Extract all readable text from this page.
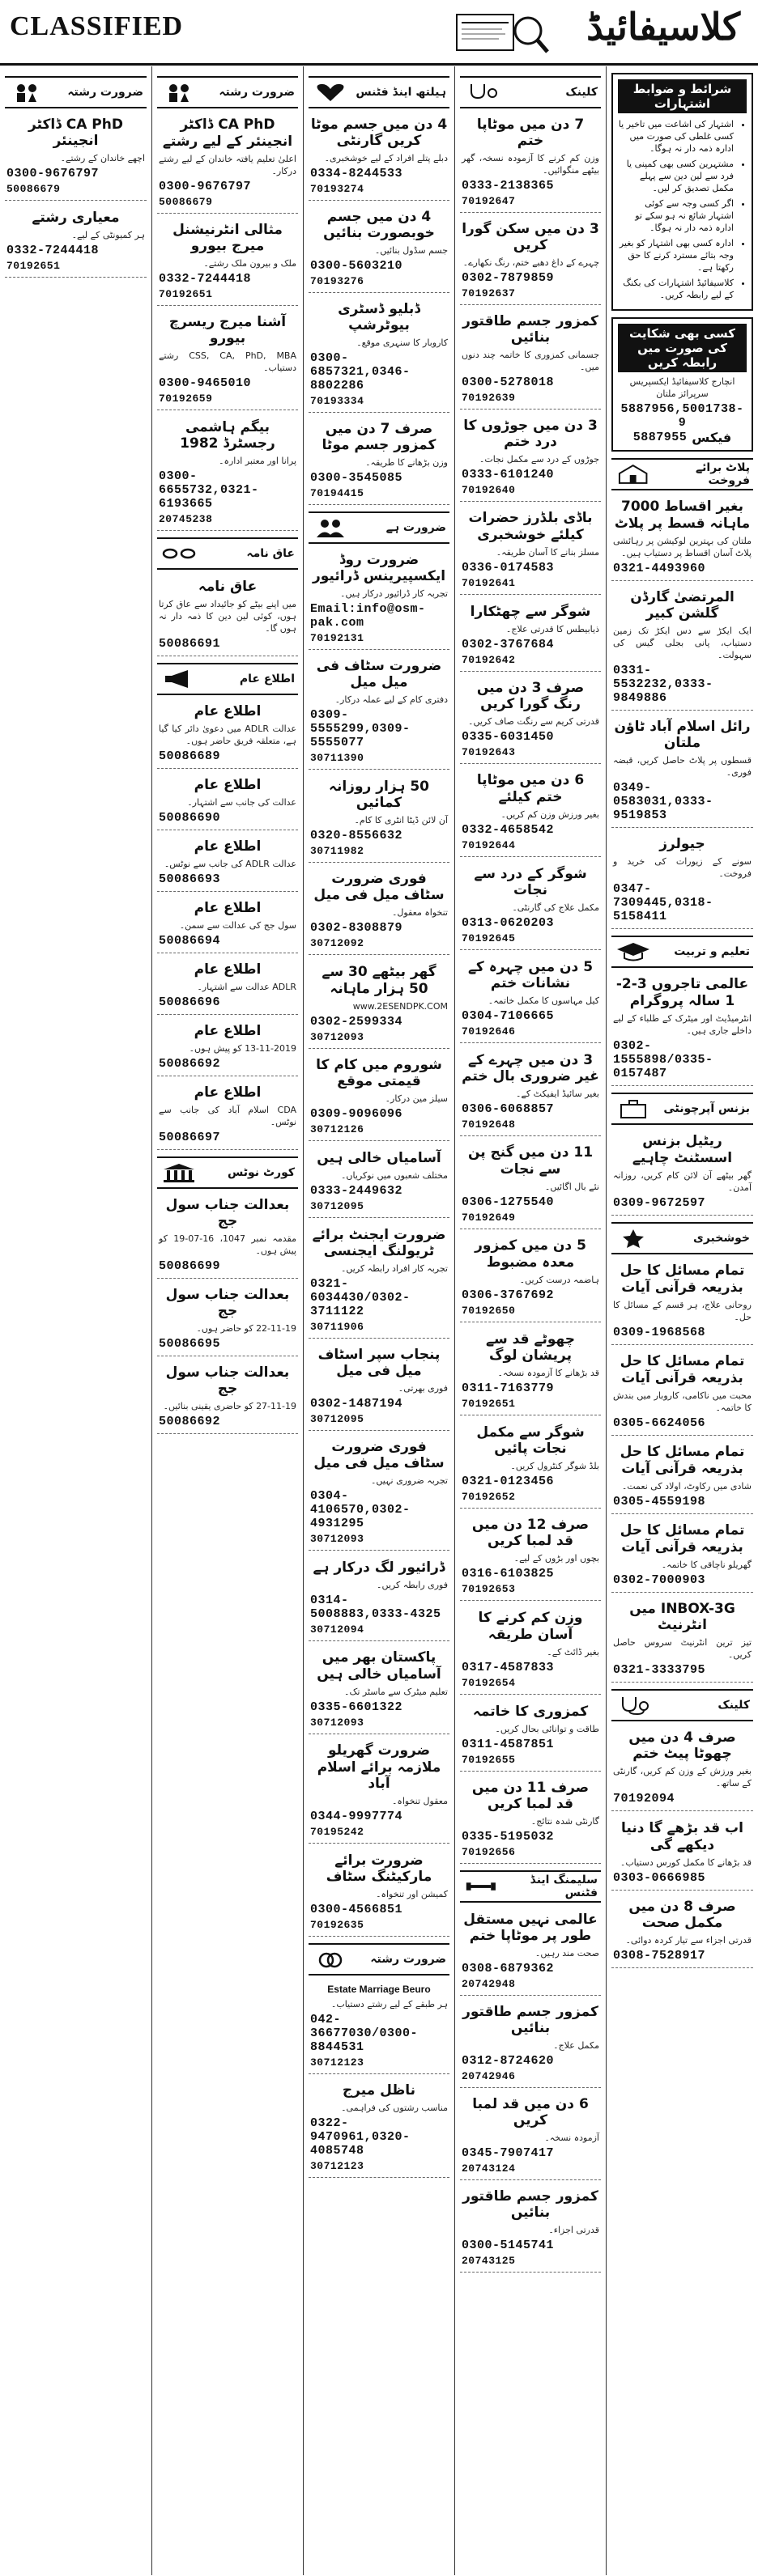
CLASSIFIED	کلاسیفائیڈ
شرائط و ضوابط اشتہارات
• اشتہار کی اشاعت میں تاخیر یا کسی غلطی کی صورت میں ادارہ ذمہ دار نہ ہوگا۔
• مشتہرین کسی بھی کمپنی یا فرد سے لین دین سے پہلے مکمل تصدیق کر لیں۔
• اگر کسی وجہ سے کوئی اشتہار شائع نہ ہو سکے تو ادارہ ذمہ دار نہ ہوگا۔
• ادارہ کسی بھی اشتہار کو بغیر وجہ بتائے مسترد کرنے کا حق رکھتا ہے۔
• کلاسیفائیڈ اشتہارات کی بکنگ کے لیے رابطہ کریں۔
کسی بھی شکایت کی صورت میں رابطہ کریں
انچارج کلاسیفائیڈ ایکسپریس سرپرائز ملتان
5887956,5001738-9
فیکس
5887955
پلاٹ برائے فروخت
بغیر اقساط 7000 ماہانہ قسط پر پلاٹ
ملتان کی بہترین لوکیشن پر رہائشی پلاٹ آسان اقساط پر دستیاب ہیں۔
0321-4493960
المرتضیٰ گارڈن گلشن کبیر
ایک ایکڑ سے دس ایکڑ تک زمین دستیاب، پانی بجلی گیس کی سہولت۔
0331-5532232,0333-9849886
رائل اسلام آباد ٹاؤن ملتان
قسطوں پر پلاٹ حاصل کریں، قبضہ فوری۔
0349-0583031,0333-9519853
جیولرز
سونے کے زیورات کی خرید و فروخت۔
0347-7309445,0318-5158411
تعلیم و تربیت
عالمی تاجروں 3-2-1 سالہ پروگرام
انٹرمیڈیٹ اور میٹرک کے طلباء کے لیے داخلے جاری ہیں۔
0302-1555898/0335-0157487
بزنس آپرچونٹی
ریٹیل بزنس اسسٹنٹ چاہیے
گھر بیٹھے آن لائن کام کریں، روزانہ آمدن۔
0309-9672597
خوشخبری
تمام مسائل کا حل بذریعہ قرآنی آیات
روحانی علاج، ہر قسم کے مسائل کا حل۔
0309-1968568
تمام مسائل کا حل بذریعہ قرآنی آیات
محبت میں ناکامی، کاروبار میں بندش کا خاتمہ۔
0305-6624056
تمام مسائل کا حل بذریعہ قرآنی آیات
شادی میں رکاوٹ، اولاد کی نعمت۔
0305-4559198
تمام مسائل کا حل بذریعہ قرآنی آیات
گھریلو ناچاقی کا خاتمہ۔
0302-7000903
INBOX-3G میں انٹرنیٹ
تیز ترین انٹرنیٹ سروس حاصل کریں۔
0321-3333795
کلینک
صرف 4 دن میں چھوٹا پیٹ ختم
بغیر ورزش کے وزن کم کریں، گارنٹی کے ساتھ۔
70192094
اب قد بڑھے گا دنیا دیکھے گی
قد بڑھانے کا مکمل کورس دستیاب۔
0303-0666985
صرف 8 دن میں مکمل صحت
قدرتی اجزاء سے تیار کردہ دوائی۔
0308-7528917
کلینک
7 دن میں موٹاپا ختم
وزن کم کرنے کا آزمودہ نسخہ، گھر بیٹھے منگوائیں۔
0333-2138365
70192647
3 دن میں سکن گورا کریں
چہرے کے داغ دھبے ختم، رنگ نکھارے۔
0302-7879859
70192637
کمزور جسم طاقتور بنائیں
جسمانی کمزوری کا خاتمہ چند دنوں میں۔
0300-5278018
70192639
3 دن میں جوڑوں کا درد ختم
جوڑوں کے درد سے مکمل نجات۔
0333-6101240
70192640
باڈی بلڈرز حضرات کیلئے خوشخبری
مسلز بنانے کا آسان طریقہ۔
0336-0174583
70192641
شوگر سے چھٹکارا
ذیابیطس کا قدرتی علاج۔
0302-3767684
70192642
صرف 3 دن میں رنگ گورا کریں
قدرتی کریم سے رنگت صاف کریں۔
0335-6031450
70192643
6 دن میں موٹاپا ختم کیلئے
بغیر ورزش وزن کم کریں۔
0332-4658542
70192644
شوگر کے درد سے نجات
مکمل علاج کی گارنٹی۔
0313-0620203
70192645
5 دن میں چہرہ کے نشانات ختم
کیل مہاسوں کا مکمل خاتمہ۔
0304-7106665
70192646
3 دن میں چہرے کے غیر ضروری بال ختم
بغیر سائیڈ ایفیکٹ کے۔
0306-6068857
70192648
11 دن میں گنج پن سے نجات
نئے بال اگائیں۔
0306-1275540
70192649
5 دن میں کمزور معدہ مضبوط
ہاضمہ درست کریں۔
0306-3767692
70192650
چھوٹے قد سے پریشان لوگ
قد بڑھانے کا آزمودہ نسخہ۔
0311-7163779
70192651
شوگر سے مکمل نجات پائیں
بلڈ شوگر کنٹرول کریں۔
0321-0123456
70192652
صرف 12 دن میں قد لمبا کریں
بچوں اور بڑوں کے لیے۔
0316-6103825
70192653
وزن کم کرنے کا آسان طریقہ
بغیر ڈائٹ کے۔
0317-4587833
70192654
کمزوری کا خاتمہ
طاقت و توانائی بحال کریں۔
0311-4587851
70192655
صرف 11 دن میں قد لمبا کریں
گارنٹی شدہ نتائج۔
0335-5195032
70192656
سلیمنگ اینڈ فٹنس
عالمی نہیں مستقل طور پر موٹاپا ختم
صحت مند رہیں۔
0308-6879362
20742948
کمزور جسم طاقتور بنائیں
مکمل علاج۔
0312-8724620
20742946
6 دن میں قد لمبا کریں
آزمودہ نسخہ۔
0345-7907417
20743124
کمزور جسم طاقتور بنائیں
قدرتی اجزاء۔
0300-5145741
20743125
ہیلتھ اینڈ فٹنس
4 دن میں جسم موٹا کریں گارنٹی
دبلے پتلے افراد کے لیے خوشخبری۔
0334-8244533
70193274
4 دن میں جسم خوبصورت بنائیں
جسم سڈول بنائیں۔
0300-5603210
70193276
ڈبلیو ڈسٹری بیوٹرشپ
کاروبار کا سنہری موقع۔
0300-6857321,0346-8802286
70193334
صرف 7 دن میں کمزور جسم موٹا
وزن بڑھانے کا طریقہ۔
0300-3545085
70194415
ضرورت ہے
ضرورت روڈ ایکسپیرینس ڈرائیور
تجربہ کار ڈرائیور درکار ہیں۔
Email:info@osm-pak.com
70192131
ضرورت سٹاف فی میل میل
دفتری کام کے لیے عملہ درکار۔
0309-5555299,0309-5555077
30711390
50 ہزار روزانہ کمائیں
آن لائن ڈیٹا انٹری کا کام۔
0320-8556632
30711982
فوری ضرورت سٹاف میل فی میل
تنخواہ معقول۔
0302-8308879
30712092
گھر بیٹھے 30 سے 50 ہزار ماہانہ
www.2ESENDPK.COM
0302-2599334
30712093
شوروم میں کام کا قیمتی موقع
سیلز مین درکار۔
0309-9096096
30712126
آسامیاں خالی ہیں
مختلف شعبوں میں نوکریاں۔
0333-2449632
30712095
ضرورت ایجنٹ برائے ٹریولنگ ایجنسی
تجربہ کار افراد رابطہ کریں۔
0321-6034430/0302-3711122
30711906
پنجاب سپر اسٹاف میل فی میل
فوری بھرتی۔
0302-1487194
30712095
فوری ضرورت سٹاف میل فی میل
تجربہ ضروری نہیں۔
0304-4106570,0302-4931295
30712093
ڈرائیور لگ درکار ہے
فوری رابطہ کریں۔
0314-5008883,0333-4325
30712094
پاکستان بھر میں آسامیاں خالی ہیں
تعلیم میٹرک سے ماسٹر تک۔
0335-6601322
30712093
ضرورت گھریلو ملازمہ برائے اسلام آباد
معقول تنخواہ۔
0344-9997774
70195242
ضرورت برائے مارکیٹنگ سٹاف
کمیشن اور تنخواہ۔
0300-4566851
70192635
ضرورت رشتہ
Estate Marriage Beuro
ہر طبقے کے لیے رشتے دستیاب۔
042-36677030/0300-8844531
30712123
ناظل میرج
مناسب رشتوں کی فراہمی۔
0322-9470961,0320-4085748
30712123
ضرورت رشتہ
CA PhD ڈاکٹر انجینئر کے لیے رشتے
اعلیٰ تعلیم یافتہ خاندان کے لیے رشتے درکار۔
0300-9676797
50086679
مثالی انٹرنیشنل میرج بیورو
ملک و بیرون ملک رشتے۔
0332-7244418
70192651
آشنا میرج ریسرچ بیورو
CSS, CA, PhD, MBA رشتے دستیاب۔
0300-9465010
70192659
بیگم ہاشمی رجسٹرڈ 1982
پرانا اور معتبر ادارہ۔
0300-6655732,0321-6193665
20745238
عاق نامہ
عاق نامہ
میں اپنے بیٹے کو جائیداد سے عاق کرتا ہوں، کوئی لین دین کا ذمہ دار نہ ہوں گا۔
50086691
اطلاع عام
اطلاع عام
عدالت ADLR میں دعویٰ دائر کیا گیا ہے، متعلقہ فریق حاضر ہوں۔
50086689
اطلاع عام
عدالت کی جانب سے اشتہار۔
50086690
اطلاع عام
عدالت ADLR کی جانب سے نوٹس۔
50086693
اطلاع عام
سول جج کی عدالت سے سمن۔
50086694
اطلاع عام
ADLR عدالت سے اشتہار۔
50086696
اطلاع عام
13-11-2019 کو پیش ہوں۔
50086692
اطلاع عام
CDA اسلام آباد کی جانب سے نوٹس۔
50086697
کورٹ نوٹس
بعدالت جناب سول جج
مقدمہ نمبر 1047، 16-07-19 کو پیش ہوں۔
50086699
بعدالت جناب سول جج
22-11-19 کو حاضر ہوں۔
50086695
بعدالت جناب سول جج
27-11-19 کو حاضری یقینی بنائیں۔
50086692
ضرورت رشتہ
CA PhD ڈاکٹر انجینئر
اچھے خاندان کے رشتے۔
0300-9676797
50086679
معیاری رشتے
ہر کمیونٹی کے لیے۔
0332-7244418
70192651
